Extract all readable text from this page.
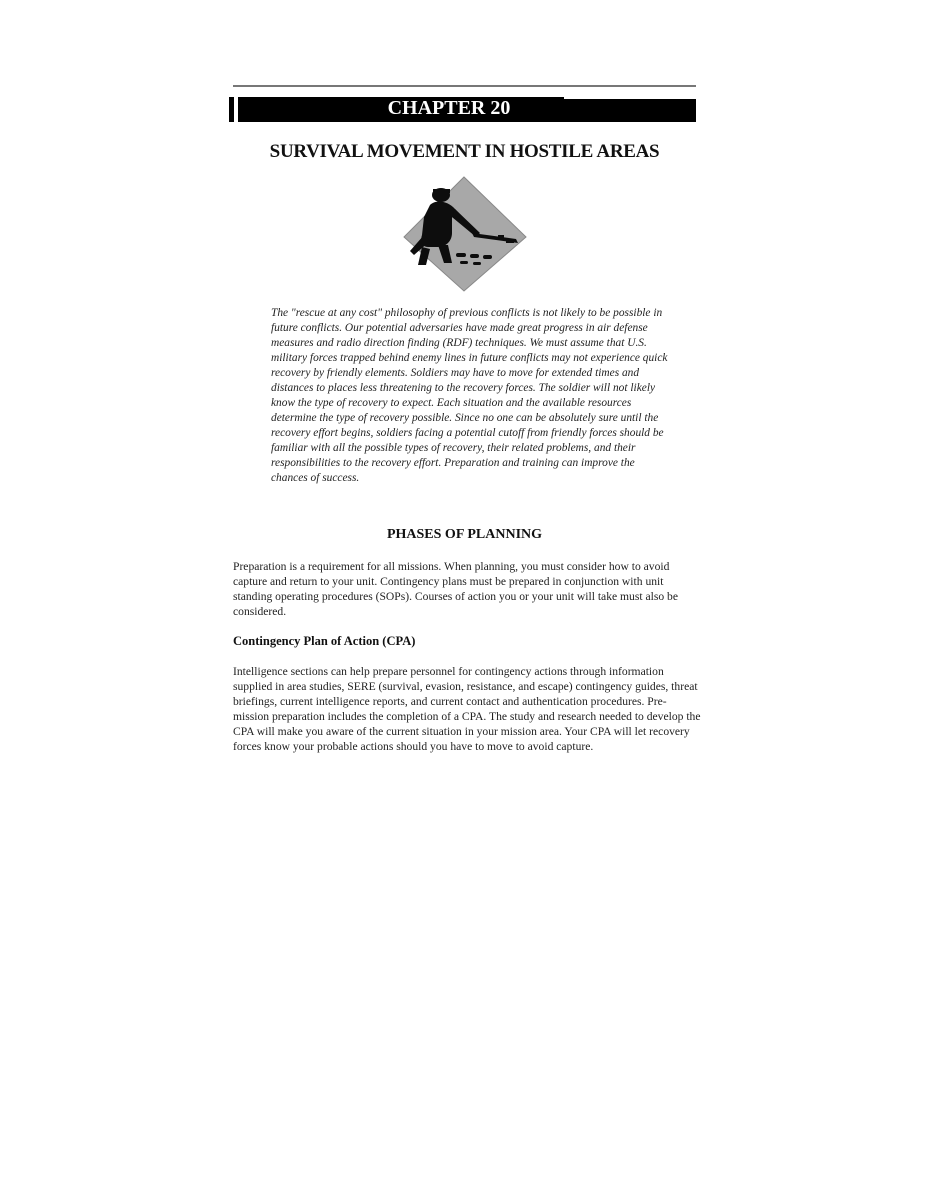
CHAPTER 20
SURVIVAL MOVEMENT IN HOSTILE AREAS

The "rescue at any cost" philosophy of previous conflicts is not likely to be possible in future conflicts. Our potential adversaries have made great progress in air defense measures and radio direction finding (RDF) techniques. We must assume that U.S. military forces trapped behind enemy lines in future conflicts may not experience quick recovery by friendly elements. Soldiers may have to move for extended times and distances to places less threatening to the recovery forces. The soldier will not likely know the type of recovery to expect. Each situation and the available resources determine the type of recovery possible. Since no one can be absolutely sure until the recovery effort begins, soldiers facing a potential cutoff from friendly forces should be familiar with all the possible types of recovery, their related problems, and their responsibilities to the recovery effort. Preparation and training can improve the chances of success.

PHASES OF PLANNING

Preparation is a requirement for all missions. When planning, you must consider how to avoid capture and return to your unit. Contingency plans must be prepared in conjunction with unit standing operating procedures (SOPs). Courses of action you or your unit will take must also be considered.

Contingency Plan of Action (CPA)

Intelligence sections can help prepare personnel for contingency actions through information supplied in area studies, SERE (survival, evasion, resistance, and escape) contingency guides, threat briefings, current intelligence reports, and current contact and authentication procedures. Pre-mission preparation includes the completion of a CPA. The study and research needed to develop the CPA will make you aware of the current situation in your mission area. Your CPA will let recovery forces know your probable actions should you have to move to avoid capture.
